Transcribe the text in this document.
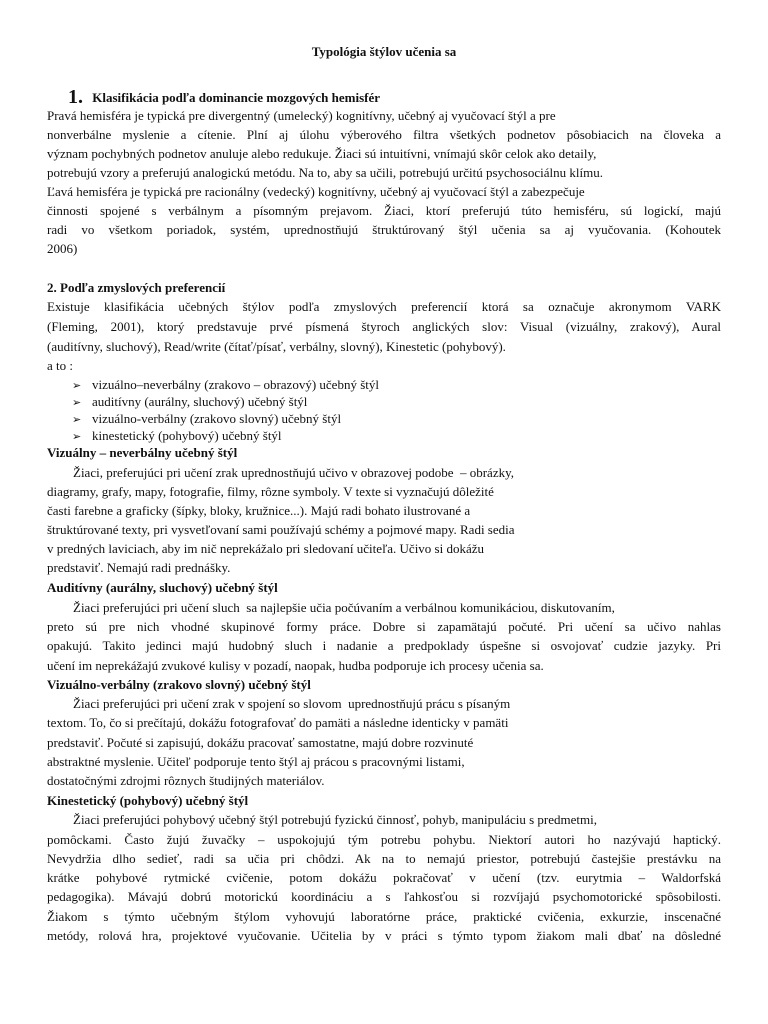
Typológia štýlov učenia sa
1. Klasifikácia podľa dominancie mozgových hemisfér
Pravá hemisféra je typická pre divergentný (umelecký) kognitívny, učebný aj vyučovací štýl a pre
nonverbálne myslenie a cítenie. Plní aj úlohu výberového filtra všetkých podnetov pôsobiacich na človeka a
význam pochybných podnetov anuluje alebo redukuje. Žiaci sú intuitívni, vnímajú skôr celok ako detaily,
potrebujú vzory a preferujú analogickú metódu. Na to, aby sa učili, potrebujú určitú psychosociálnu klímu.
Ľavá hemisféra je typická pre racionálny (vedecký) kognitívny, učebný aj vyučovací štýl a zabezpečuje
činnosti spojené s verbálnym a písomným prejavom. Žiaci, ktorí preferujú túto hemisféru, sú logickí, majú
radi vo všetkom poriadok, systém, uprednostňujú štruktúrovaný štýl učenia sa aj vyučovania. (Kohoutek
2006)
2. Podľa zmyslových preferencií
Existuje klasifikácia učebných štýlov podľa zmyslových preferencií ktorá sa označuje akronymom VARK
(Fleming, 2001), ktorý predstavuje prvé písmená štyroch anglických slov: Visual (vizuálny, zrakový), Aural
(auditívny, sluchový), Read/write (čítať/písať, verbálny, slovný), Kinestetic (pohybový).
a to :
➢ vizuálno–neverbálny (zrakovo – obrazový) učebný štýl
➢ auditívny (aurálny, sluchový) učebný štýl
➢ vizuálno-verbálny (zrakovo slovný) učebný štýl
➢ kinestetický (pohybový) učebný štýl
Vizuálny – neverbálny učebný štýl
Žiaci, preferujúci pri učení zrak uprednostňujú učivo v obrazovej podobe  – obrázky,
diagramy, grafy, mapy, fotografie, filmy, rôzne symboly. V texte si vyznačujú dôležité
časti farebne a graficky (šípky, bloky, kružnice...). Majú radi bohato ilustrované a
štruktúrované texty, pri vysvetľovaní sami používajú schémy a pojmové mapy. Radi sedia
v predných laviciach, aby im nič neprekážalo pri sledovaní učiteľa. Učivo si dokážu
predstaviť. Nemajú radi prednášky.
Auditívny (aurálny, sluchový) učebný štýl
Žiaci preferujúci pri učení sluch  sa najlepšie učia počúvaním a verbálnou komunikáciou, diskutovaním,
preto sú pre nich vhodné skupinové formy práce. Dobre si zapamätajú počuté. Pri učení sa učivo nahlas
opakujú. Takito jedinci majú hudobný sluch i nadanie a predpoklady úspešne si osvojovať cudzie jazyky. Pri
učení im neprekážajú zvukové kulisy v pozadí, naopak, hudba podporuje ich procesy učenia sa.
Vizuálno-verbálny (zrakovo slovný) učebný štýl
Žiaci preferujúci pri učení zrak v spojení so slovom  uprednostňujú prácu s písaným
textom. To, čo si prečítajú, dokážu fotografovať do pamäti a následne identicky v pamäti
predstaviť. Počuté si zapisujú, dokážu pracovať samostatne, majú dobre rozvinuté
abstraktné myslenie. Učiteľ podporuje tento štýl aj prácou s pracovnými listami,
dostatočnými zdrojmi rôznych študijných materiálov.
Kinestetický (pohybový) učebný štýl
Žiaci preferujúci pohybový učebný štýl potrebujú fyzickú činnosť, pohyb, manipuláciu s predmetmi,
pomôckami. Často žujú žuvačky – uspokojujú tým potrebu pohybu. Niektorí autori ho nazývajú haptický.
Nevydržia dlho sedieť, radi sa učia pri chôdzi. Ak na to nemajú priestor, potrebujú častejšie prestávku na
krátke pohybové rytmické cvičenie, potom dokážu pokračovať v učení (tzv. eurytmia – Waldorfská
pedagogika). Mávajú dobrú motorickú koordináciu a s ľahkosťou si rozvíjajú psychomotorické spôsobilosti.
Žiakom s týmto učebným štýlom vyhovujú laboratórne práce, praktické cvičenia, exkurzie, inscenačné
metódy, rolová hra, projektové vyučovanie. Učitelia by v práci s týmto typom žiakom mali dbať na dôsledné
